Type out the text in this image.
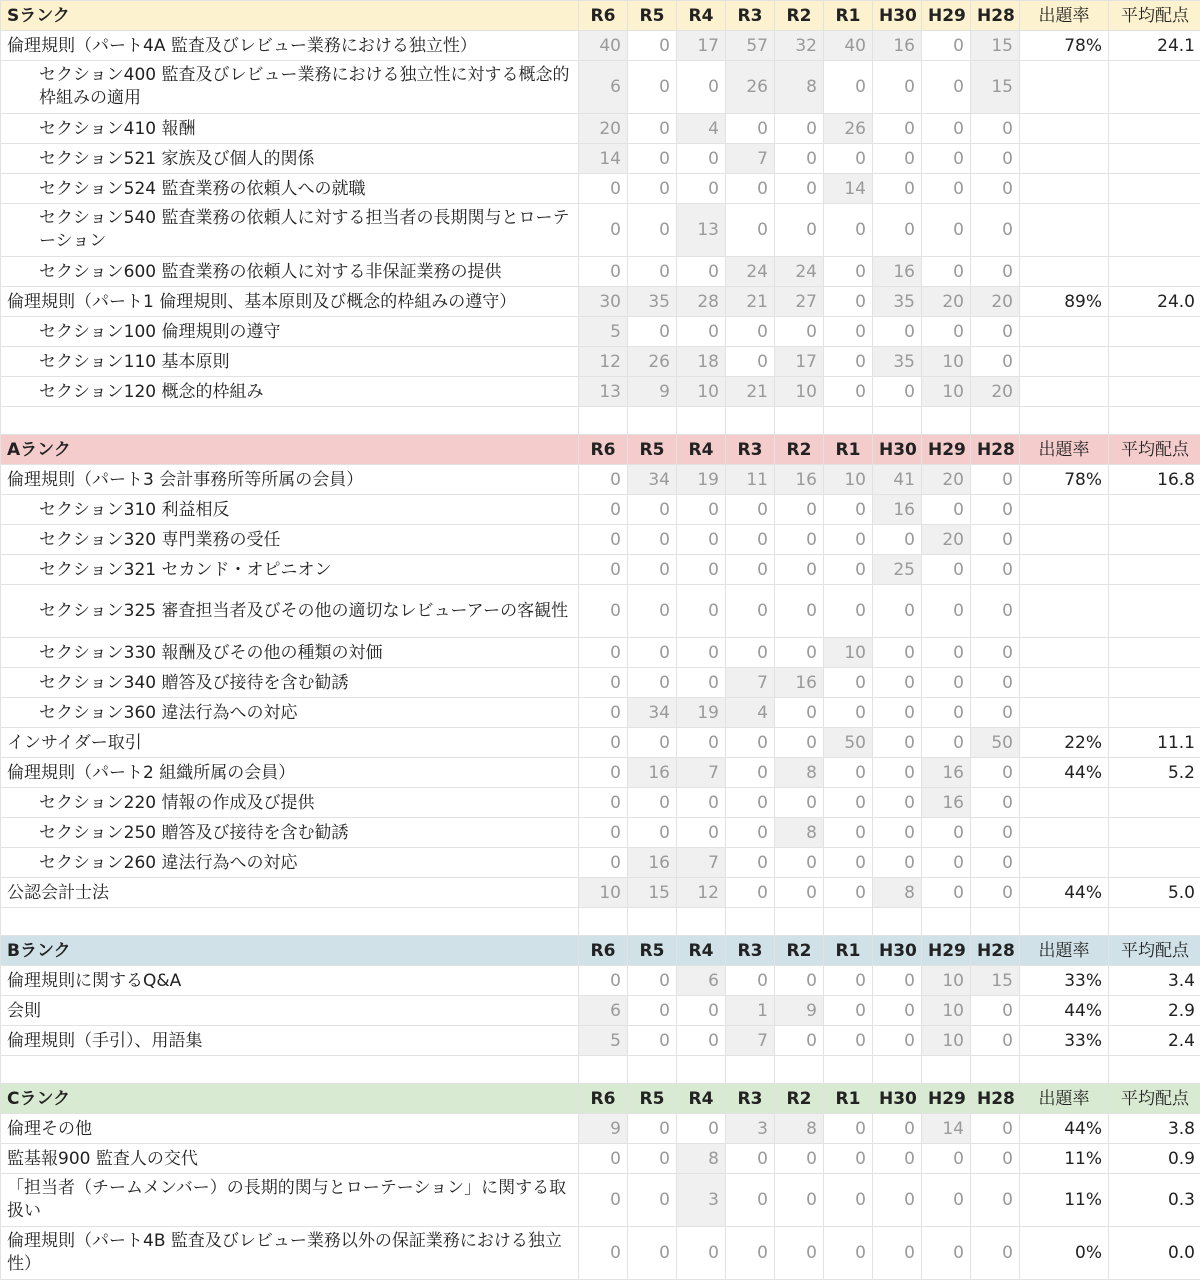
Sランク	R6	R5	R4	R3	R2	R1	H30	H29	H28	出題率	平均配点
倫理規則（パート4A 監査及びレビュー業務における独立性）	40	0	17	57	32	40	16	0	15	78%	24.1
セクション400 監査及びレビュー業務における独立性に対する概念的枠組みの適用	6	0	0	26	8	0	0	0	15		
セクション410 報酬	20	0	4	0	0	26	0	0	0		
セクション521 家族及び個人的関係	14	0	0	7	0	0	0	0	0		
セクション524 監査業務の依頼人への就職	0	0	0	0	0	14	0	0	0		
セクション540 監査業務の依頼人に対する担当者の長期関与とローテーション	0	0	13	0	0	0	0	0	0		
セクション600 監査業務の依頼人に対する非保証業務の提供	0	0	0	24	24	0	16	0	0		
倫理規則（パート1 倫理規則、基本原則及び概念的枠組みの遵守）	30	35	28	21	27	0	35	20	20	89%	24.0
セクション100 倫理規則の遵守	5	0	0	0	0	0	0	0	0		
セクション110 基本原則	12	26	18	0	17	0	35	10	0		
セクション120 概念的枠組み	13	9	10	21	10	0	0	10	20		

Aランク	R6	R5	R4	R3	R2	R1	H30	H29	H28	出題率	平均配点
倫理規則（パート3 会計事務所等所属の会員）	0	34	19	11	16	10	41	20	0	78%	16.8
セクション310 利益相反	0	0	0	0	0	0	16	0	0		
セクション320 専門業務の受任	0	0	0	0	0	0	0	20	0		
セクション321 セカンド・オピニオン	0	0	0	0	0	0	25	0	0		
セクション325 審査担当者及びその他の適切なレビューアーの客観性	0	0	0	0	0	0	0	0	0		
セクション330 報酬及びその他の種類の対価	0	0	0	0	0	10	0	0	0		
セクション340 贈答及び接待を含む勧誘	0	0	0	7	16	0	0	0	0		
セクション360 違法行為への対応	0	34	19	4	0	0	0	0	0		
インサイダー取引	0	0	0	0	0	50	0	0	50	22%	11.1
倫理規則（パート2 組織所属の会員）	0	16	7	0	8	0	0	16	0	44%	5.2
セクション220 情報の作成及び提供	0	0	0	0	0	0	0	16	0		
セクション250 贈答及び接待を含む勧誘	0	0	0	0	8	0	0	0	0		
セクション260 違法行為への対応	0	16	7	0	0	0	0	0	0		
公認会計士法	10	15	12	0	0	0	8	0	0	44%	5.0

Bランク	R6	R5	R4	R3	R2	R1	H30	H29	H28	出題率	平均配点
倫理規則に関するQ&A	0	0	6	0	0	0	0	10	15	33%	3.4
会則	6	0	0	1	9	0	0	10	0	44%	2.9
倫理規則（手引）、用語集	5	0	0	7	0	0	0	10	0	33%	2.4

Cランク	R6	R5	R4	R3	R2	R1	H30	H29	H28	出題率	平均配点
倫理その他	9	0	0	3	8	0	0	14	0	44%	3.8
監基報900 監査人の交代	0	0	8	0	0	0	0	0	0	11%	0.9
「担当者（チームメンバー）の長期的関与とローテーション」に関する取扱い	0	0	3	0	0	0	0	0	0	11%	0.3
倫理規則（パート4B 監査及びレビュー業務以外の保証業務における独立性）	0	0	0	0	0	0	0	0	0	0%	0.0
